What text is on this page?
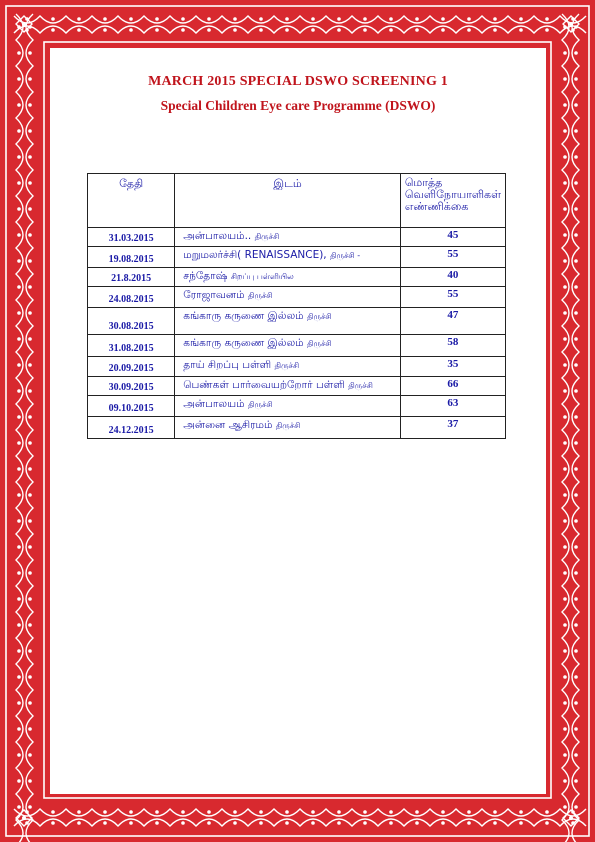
MARCH 2015 SPECIAL DSWO SCREENING 1
Special Children Eye care Programme (DSWO)
தேதி	இடம்	மொத்த வெளிநோயாளிகள் எண்ணிக்கை
31.03.2015	அன்பாலயம்.. திருச்சி	45
19.08.2015	மறுமலர்ச்சி( RENAISSANCE), திருச்சி -	55
21.8.2015	சந்தோஷ் சிறப்பு பள்ளியில	40
24.08.2015	ரோஜாவனம் திருச்சி	55
30.08.2015	கங்காரு கருணை இல்லம் திருச்சி	47
31.08.2015	கங்காரு கருணை இல்லம் திருச்சி	58
20.09.2015	தாய் சிறப்பு பள்ளி திருச்சி	35
30.09.2015	பெண்கள் பார்வையற்றோர் பள்ளி திருச்சி	66
09.10.2015	அன்பாலயம் திருச்சி	63
24.12.2015	அன்னை ஆசிரமம் திருச்சி	37
